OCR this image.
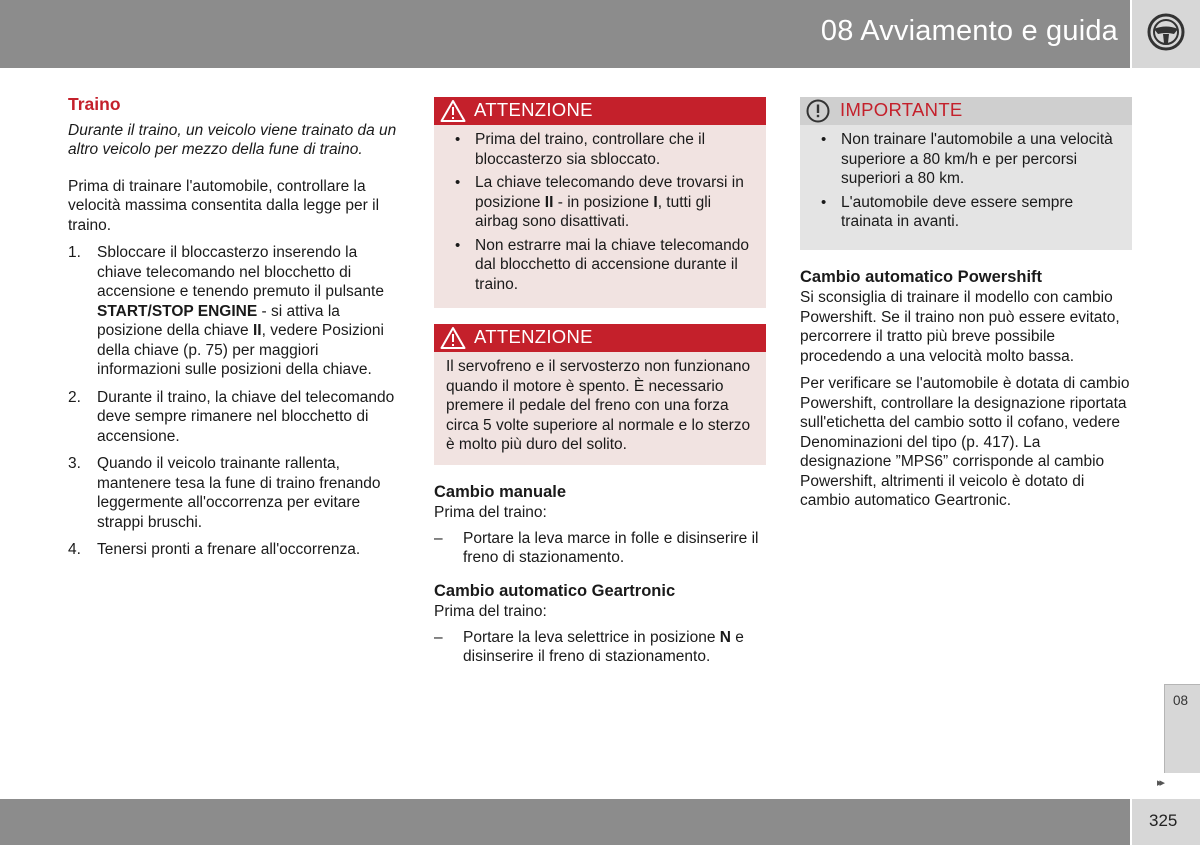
08 Avviamento e guida
Traino

Durante il traino, un veicolo viene trainato da un altro veicolo per mezzo della fune di traino.

Prima di trainare l'automobile, controllare la velocità massima consentita dalla legge per il traino.

1. Sbloccare il bloccasterzo inserendo la chiave telecomando nel blocchetto di accensione e tenendo premuto il pulsante START/STOP ENGINE - si attiva la posizione della chiave II, vedere Posizioni della chiave (p. 75) per maggiori informazioni sulle posizioni della chiave.
2. Durante il traino, la chiave del telecomando deve sempre rimanere nel blocchetto di accensione.
3. Quando il veicolo trainante rallenta, mantenere tesa la fune di traino frenando leggermente all'occorrenza per evitare strappi bruschi.
4. Tenersi pronti a frenare all'occorrenza.
ATTENZIONE
• Prima del traino, controllare che il bloccasterzo sia sbloccato.
• La chiave telecomando deve trovarsi in posizione II - in posizione I, tutti gli airbag sono disattivati.
• Non estrarre mai la chiave telecomando dal blocchetto di accensione durante il traino.
ATTENZIONE
Il servofreno e il servosterzo non funzionano quando il motore è spento. È necessario premere il pedale del freno con una forza circa 5 volte superiore al normale e lo sterzo è molto più duro del solito.
Cambio manuale
Prima del traino:
– Portare la leva marce in folle e disinserire il freno di stazionamento.
Cambio automatico Geartronic
Prima del traino:
– Portare la leva selettrice in posizione N e disinserire il freno di stazionamento.
IMPORTANTE
• Non trainare l'automobile a una velocità superiore a 80 km/h e per percorsi superiori a 80 km.
• L'automobile deve essere sempre trainata in avanti.
Cambio automatico Powershift

Si sconsiglia di trainare il modello con cambio Powershift. Se il traino non può essere evitato, percorrere il tratto più breve possibile procedendo a una velocità molto bassa.

Per verificare se l'automobile è dotata di cambio Powershift, controllare la designazione riportata sull'etichetta del cambio sotto il cofano, vedere Denominazioni del tipo (p. 417). La designazione ”MPS6” corrisponde al cambio Powershift, altrimenti il veicolo è dotato di cambio automatico Geartronic.

08
▸▸
325
